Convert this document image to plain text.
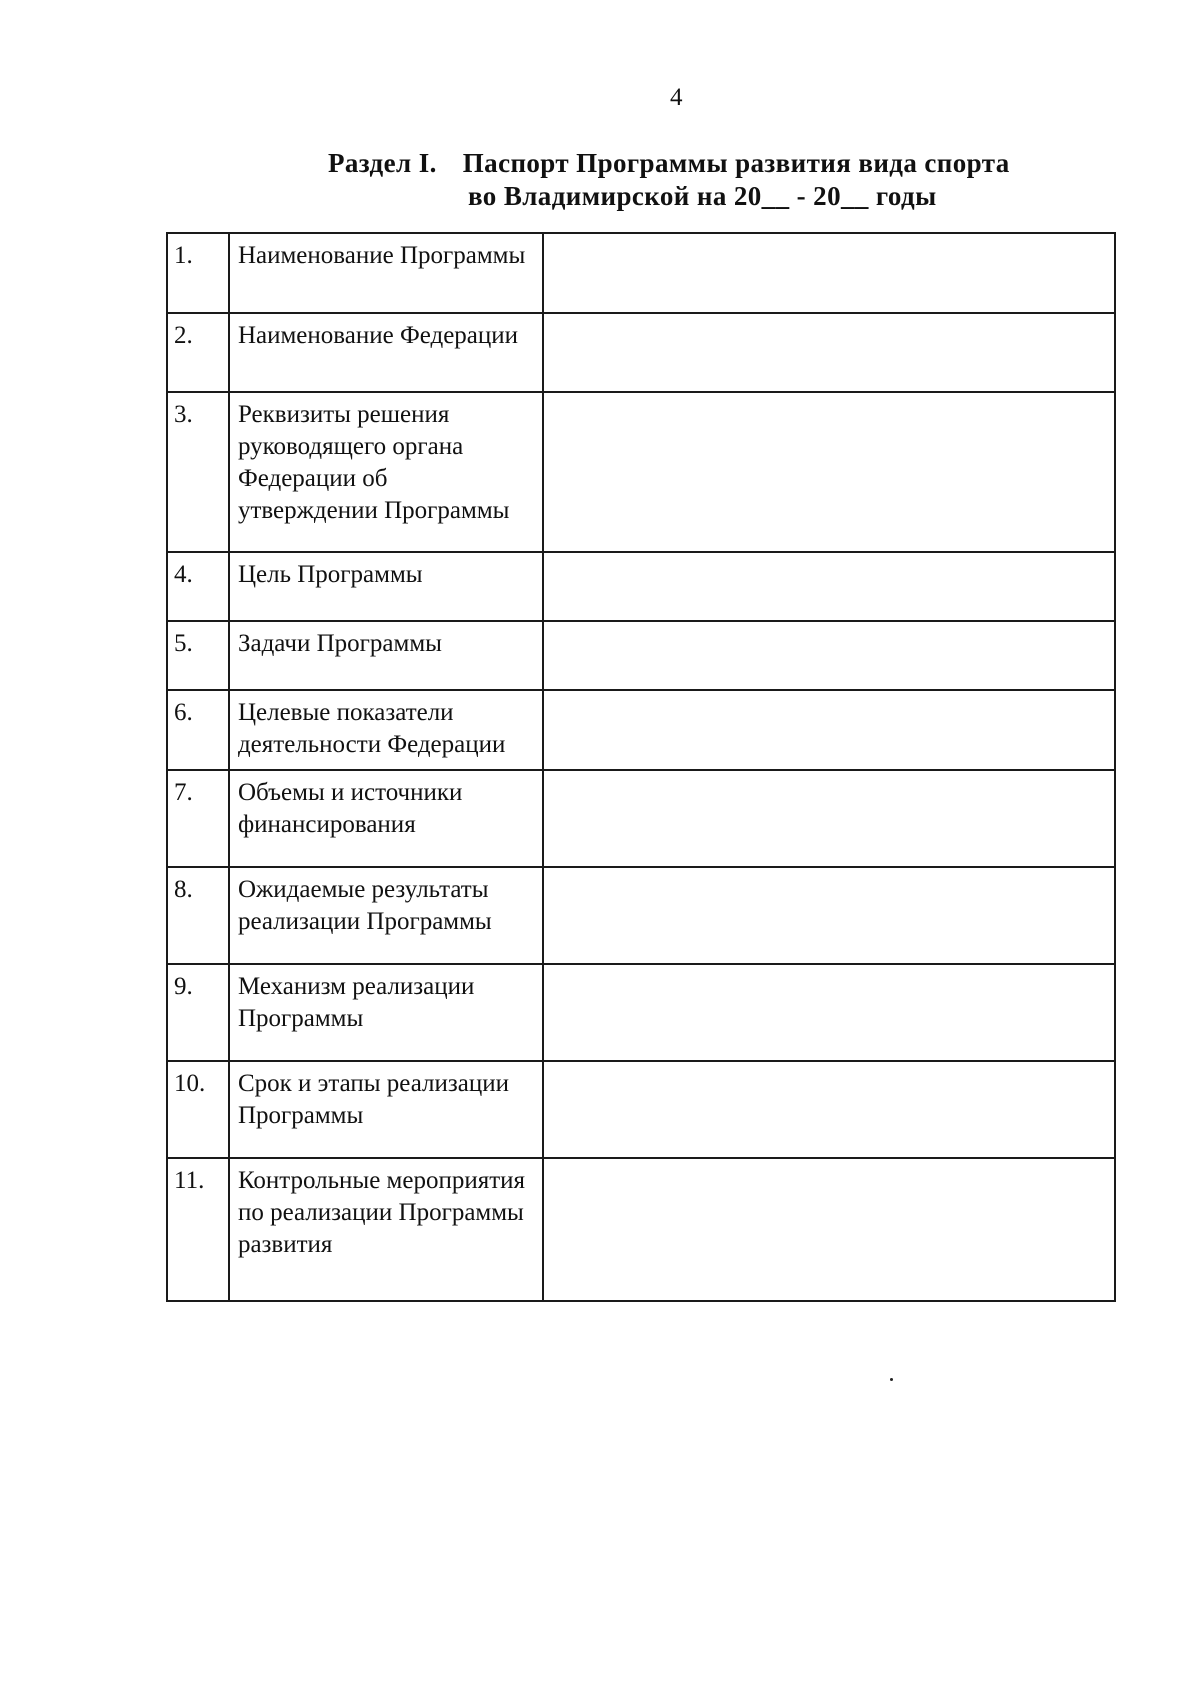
4
Раздел I. Паспорт Программы развития вида спорта
во Владимирской на 20__ - 20__ годы
1.	Наименование Программы	
2.	Наименование Федерации	
3.	Реквизиты решения руководящего органа Федерации об утверждении Программы	
4.	Цель Программы	
5.	Задачи Программы	
6.	Целевые показатели деятельности Федерации	
7.	Объемы и источники финансирования	
8.	Ожидаемые результаты реализации Программы	
9.	Механизм реализации Программы	
10.	Срок и этапы реализации Программы	
11.	Контрольные мероприятия по реализации Программы развития	
